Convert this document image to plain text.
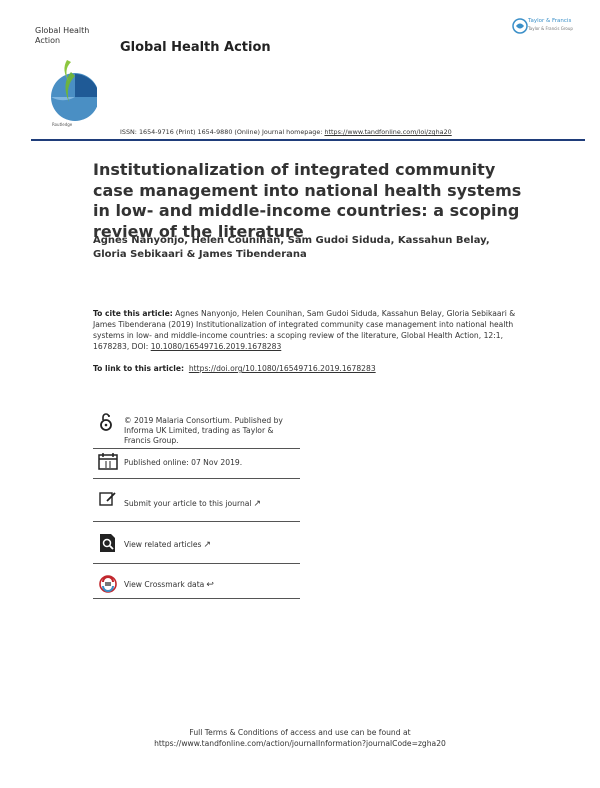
Global Health Action	Global Health Action
Taylor & Francis
Taylor & Francis Group
Routledge
ISSN: 1654-9716 (Print) 1654-9880 (Online) Journal homepage: https://www.tandfonline.com/loi/zgha20
Institutionalization of integrated community case management into national health systems in low- and middle-income countries: a scoping review of the literature
Agnes Nanyonjo, Helen Counihan, Sam Gudoi Siduda, Kassahun Belay, Gloria Sebikaari & James Tibenderana
To cite this article: Agnes Nanyonjo, Helen Counihan, Sam Gudoi Siduda, Kassahun Belay, Gloria Sebikaari & James Tibenderana (2019) Institutionalization of integrated community case management into national health systems in low- and middle-income countries: a scoping review of the literature, Global Health Action, 12:1, 1678283, DOI: 10.1080/16549716.2019.1678283
To link to this article: https://doi.org/10.1080/16549716.2019.1678283
© 2019 Malaria Consortium. Published by Informa UK Limited, trading as Taylor & Francis Group.
Published online: 07 Nov 2019.
Submit your article to this journal ↗
View related articles ↗
View Crossmark data ↩
Full Terms & Conditions of access and use can be found at
https://www.tandfonline.com/action/journalInformation?journalCode=zgha20
